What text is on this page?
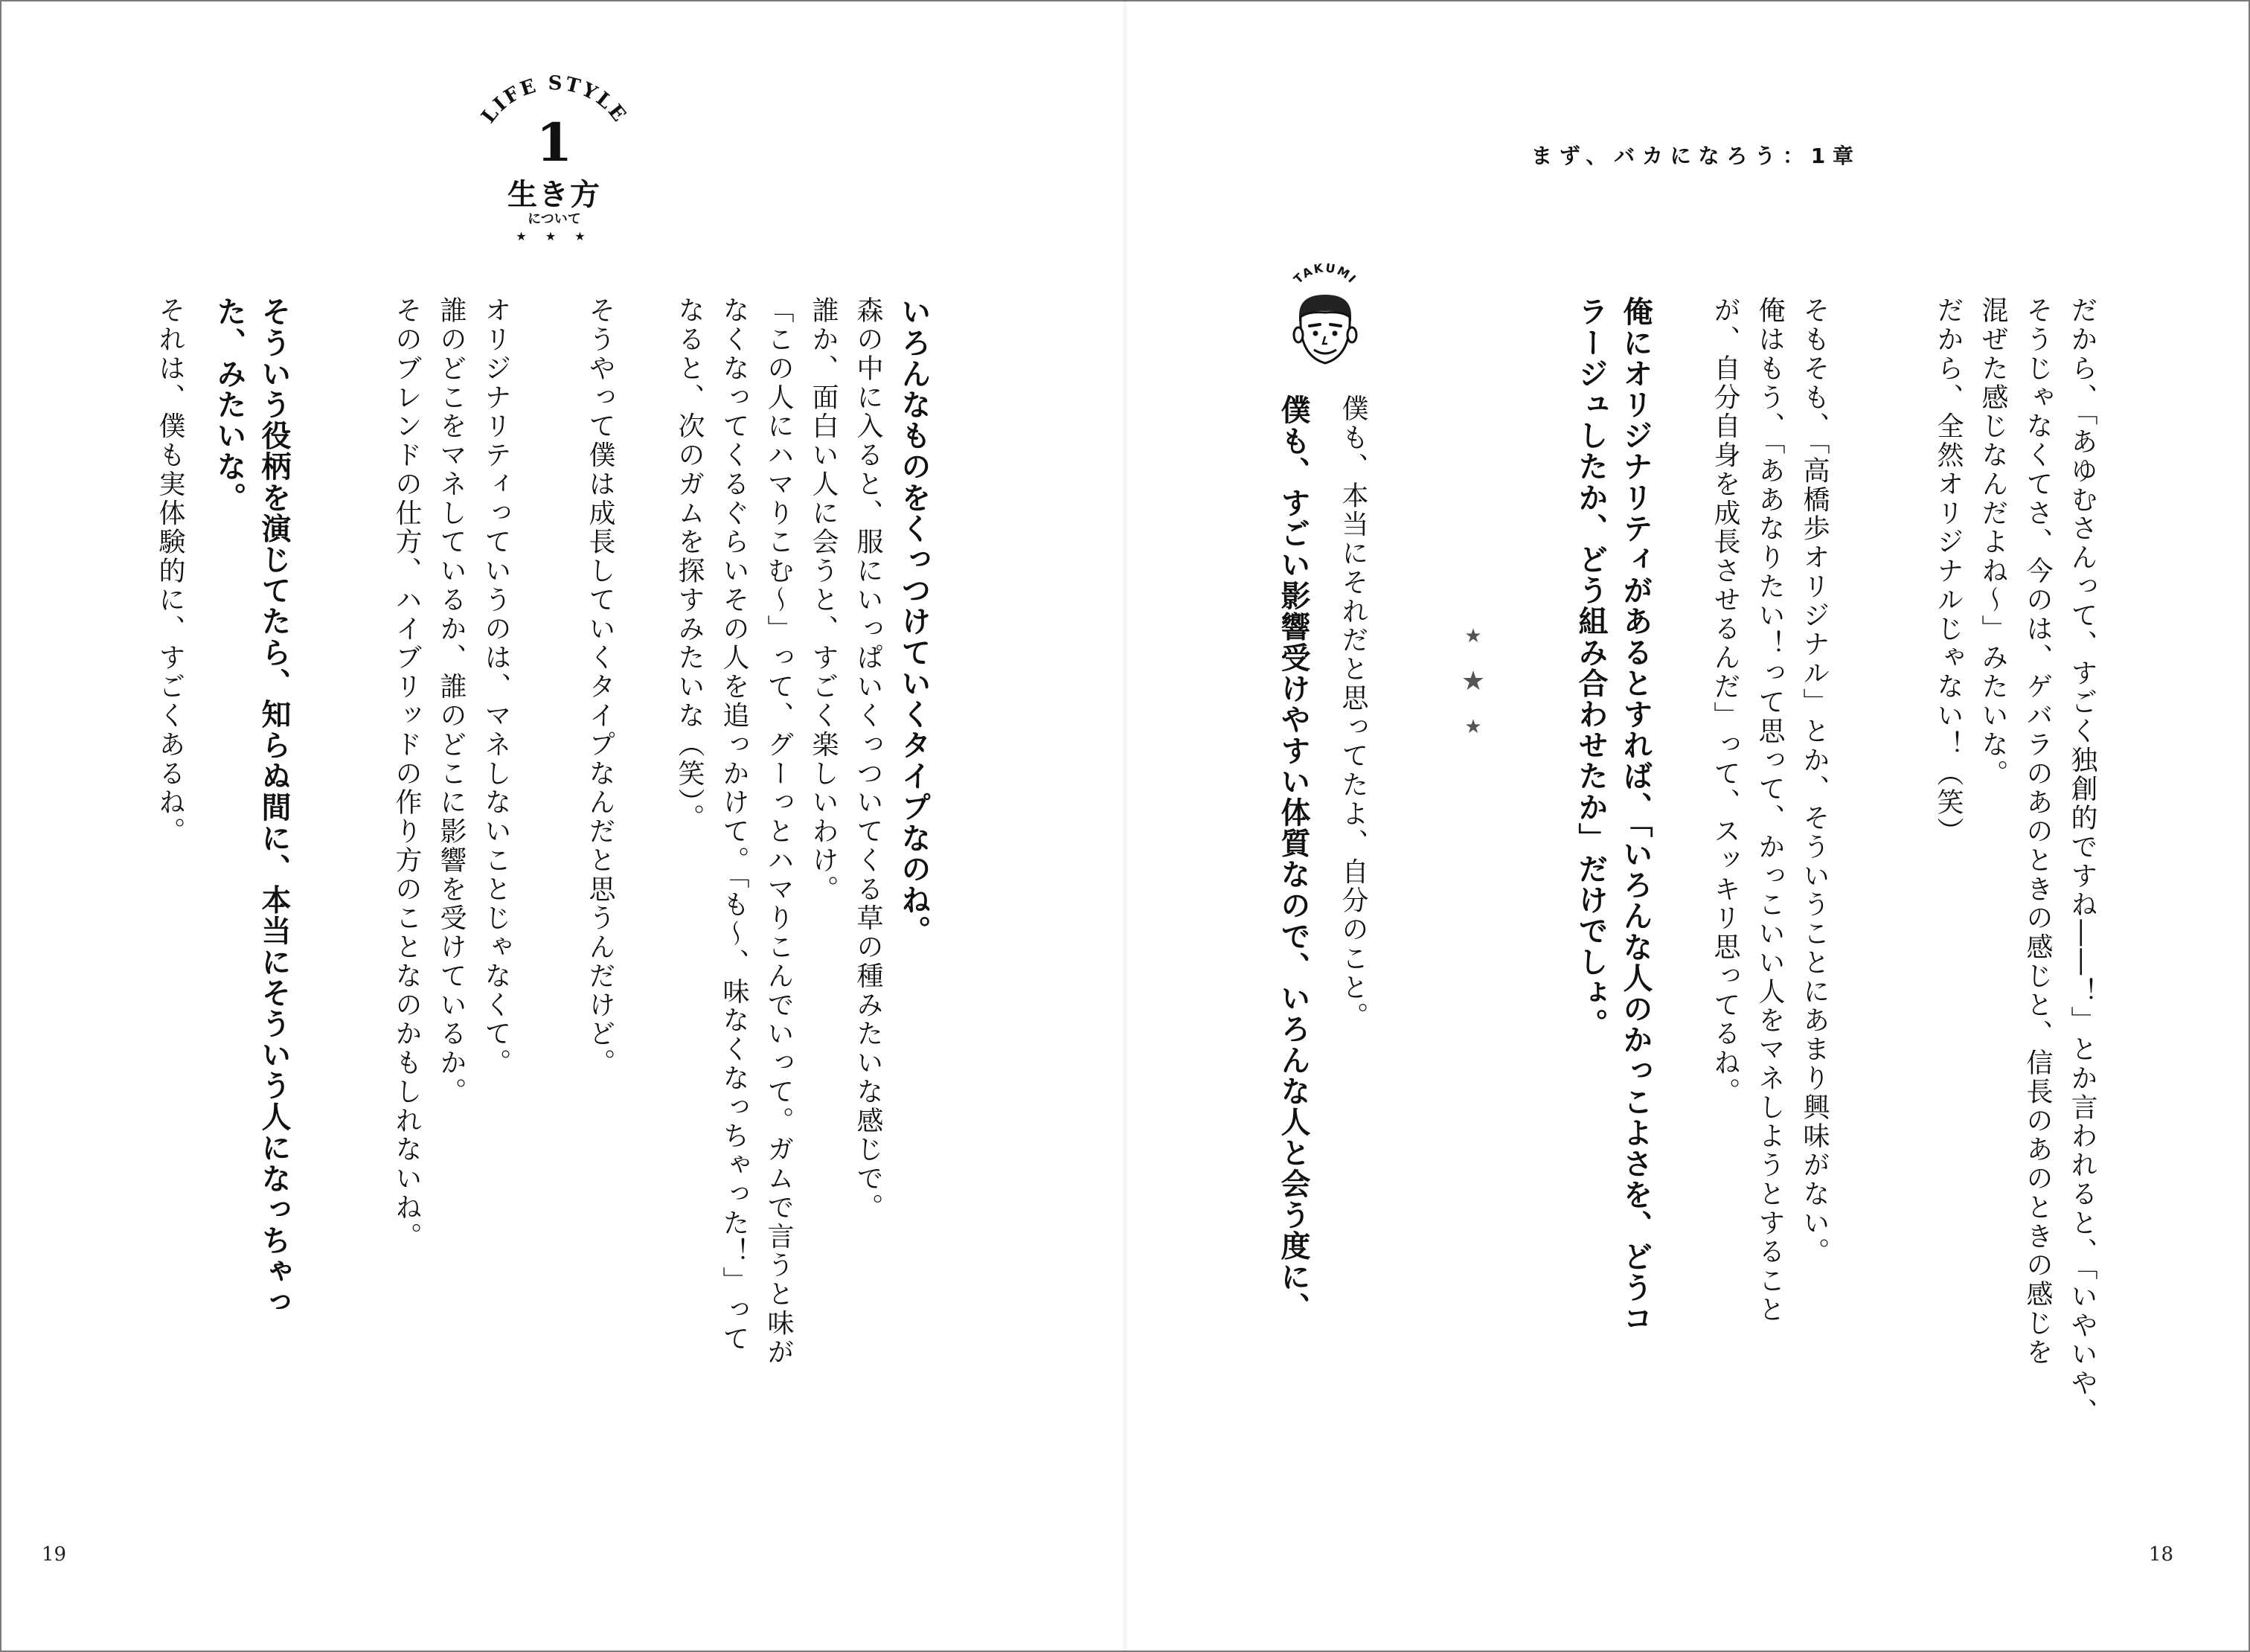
まず、バカになろう：1章
だから、「あゆむさんって、すごく独創的ですね――！」とか言われると、「いやいや、
そうじゃなくてさ、今のは、ゲバラのあのときの感じと、信長のあのときの感じを
混ぜた感じなんだよね～」みたいな。
だから、全然オリジナルじゃない！（笑）
そもそも、「高橋歩オリジナル」とか、そういうことにあまり興味がない。
俺はもう、「ああなりたい！って思って、かっこいい人をマネしようとすること
が、自分自身を成長させるんだ」って、スッキリ思ってるね。
俺にオリジナリティがあるとすれば、「いろんな人のかっこよさを、どうコ
ラージュしたか、どう組み合わせたか」だけでしょ。
僕も、本当にそれだと思ってたよ、自分のこと。
僕も、すごい影響受けやすい体質なので、いろんな人と会う度に、	★
★
★
TAKUMI
LIFE STYLE
1
生き方
について
★ ★ ★
いろんなものをくっつけていくタイプなのね。
森の中に入ると、服にいっぱいくっついてくる草の種みたいな感じで。
誰か、面白い人に会うと、すごく楽しいわけ。
「この人にハマりこむ～」って、グーっとハマりこんでいって。ガムで言うと味が
なくなってくるぐらいその人を追っかけて。「も～、味なくなっちゃった！」って
なると、次のガムを探すみたいな（笑）。
そうやって僕は成長していくタイプなんだと思うんだけど。
オリジナリティっていうのは、マネしないことじゃなくて。
誰のどこをマネしているか、誰のどこに影響を受けているか。
そのブレンドの仕方、ハイブリッドの作り方のことなのかもしれないね。
そういう役柄を演じてたら、知らぬ間に、本当にそういう人になっちゃっ
た、みたいな。
それは、僕も実体験的に、すごくあるね。
19	18
